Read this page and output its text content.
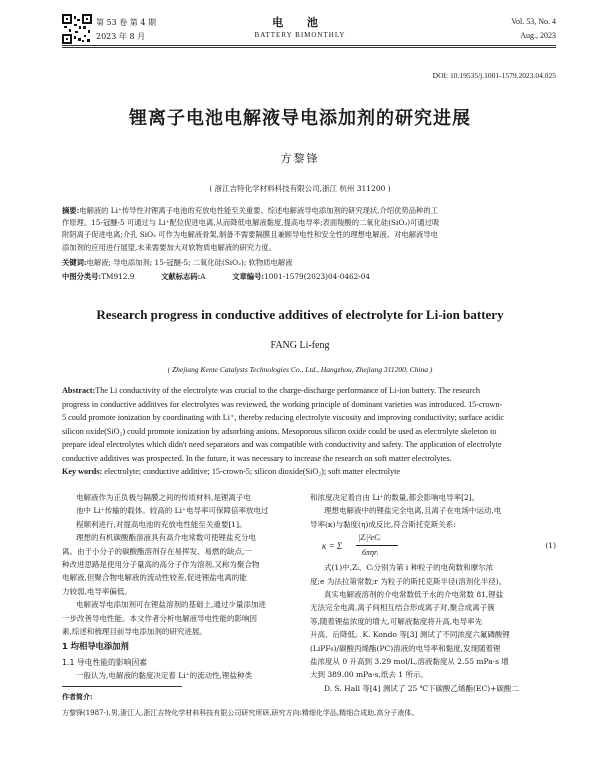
第 53 卷 第 4 期
2023 年 8 月
电 池
BATTERY BIMONTHLY
Vol. 53, No. 4
Aug., 2023
DOI: 10.19535/j.1001-1579.2023.04.025
锂离子电池电解液导电添加剂的研究进展
方黎锋
( 浙江吉特化学材料科技有限公司,浙江 杭州 311200 )
摘要:电解液的 Li⁺传导性对锂离子电池的充放电性能至关重要。综述电解液导电添加剂的研究现状,介绍优势品种的工
作原理。15-冠醚-5 可通过与 Li⁺配位促进电离,从而降低电解液黏度,提高电导率;表面羧酸的二氧化硅(SiO₂)可通过吸
附阴离子促进电离;介孔 SiO₂ 可作为电解液骨架,制备不需要隔膜且兼顾导电性和安全性的理想电解液。对电解液导电
添加剂的应用进行展望,未来需要加大对软物质电解液的研究力度。
关键词:电解液; 导电添加剂; 15-冠醚-5; 二氧化硅(SiO₂); 软物质电解液
中图分类号:TM912.9	文献标志码:A	文章编号:1001-1579(2023)04-0462-04
Research progress in conductive additives of electrolyte for Li-ion battery
FANG Li-feng
( Zhejiang Kente Catalysts Technologies Co., Ltd., Hangzhou, Zhejiang 311200, China )
Abstract:The Li conductivity of the electrolyte was crucial to the charge-discharge performance of Li-ion battery. The research
progress in conductive additives for electrolytes was reviewed, the working principle of dominant varieties was introduced. 15-crown-
5 could promote ionization by coordinating with Li⁺, thereby reducing electrolyte viscosity and improving conductivity; surface acidic
silicon oxide(SiO₂) could promote ionization by adsorbing anions. Mesoporous silicon oxide could be used as electrolyte skeleton to
prepare ideal electrolytes which didn't need separators and was compatible with conductivity and safety. The application of electrolyte
conductive additives was prospected. In the future, it was necessary to increase the research on soft matter electrolytes.
Key words: electrolyte; conductive additive; 15-crown-5; silicon dioxide(SiO₂); soft matter electrolyte
电解液作为正负极与隔膜之间的传质材料,是锂离子电
池中 Li⁺传输的载体。较高的 Li⁺电导率可保障倍率放电过
程顺利进行,对提高电池的充放电性能至关重要[1]。
理想的有机碳酸酯溶液具有高介电常数可使锂盐充分电
离。由于小分子的碳酸酯溶剂存在易挥发、易燃的缺点,一
种改进思路是使用分子量高的高分子作为溶剂,又称为聚合物
电解液,但聚合物电解液的流动性较差,促进锂盐电离的能
力较弱,电导率偏低。
电解液导电添加剂可在锂盐溶剂的基础上,通过少量添加进
一步改善导电性能。本文作者分析电解液导电性能的影响因
素,综述和梳理目前导电添加剂的研究进展。
1 均相导电添加剂
1.1 导电性能的影响因素
一般认为,电解液的黏度决定着 Li⁺的流动性,锂盐种类
和浓度决定着自由 Li⁺的数量,都会影响电导率[2]。
理想电解液中的锂盐完全电离,且离子在电场中运动,电
导率(κ)与黏度(η)成反比,符合斯托克斯关系:
κ = Σ
|Zᵢ|²eCᵢ
6πηrᵢ
(1)
式(1)中,Zᵢ、Cᵢ分别为第 i 种粒子的电荷数和摩尔浓
度;e 为法拉第常数;r 为粒子的斯托克斯半径(溶剂化半径)。
真实电解液溶剂的介电常数低于水的介电常数 81,锂盐
无法完全电离,离子间相互结合形成离子对,聚合成离子簇
等,随着锂盐浓度的增大,可解液黏度将升高,电导率先
升高、后降低。K. Kondo 等[3] 测试了不同浓度六氟磷酸锂
(LiPF₆)/碳酸丙烯酯(PC)溶液的电导率和黏度,发现随着锂
盐浓度从 0 升高到 3.29 mol/L,溶液黏度从 2.55 mPa·s 增
大到 389.00 mPa·s,纸去 1 所示。
D. S. Hall 等[4] 测试了 25 ℃下碳酸乙烯酯(EC)+碳酸二
作者简介:
方黎锋(1987-),男,浙江人,浙江吉特化学材料科技有限公司研究所研,研究方向:精细化学品,精细合成助,高分子液体。
